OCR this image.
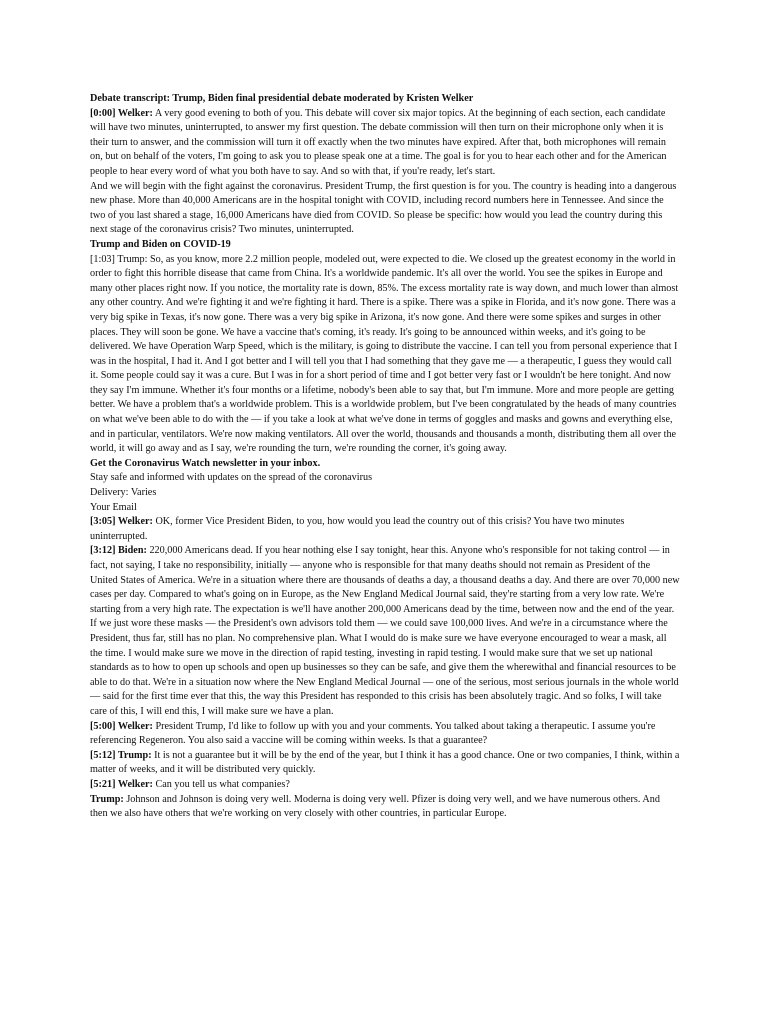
Debate transcript: Trump, Biden final presidential debate moderated by Kristen Welker

[0:00] Welker: A very good evening to both of you. This debate will cover six major topics. At the beginning of each section, each candidate will have two minutes, uninterrupted, to answer my first question. The debate commission will then turn on their microphone only when it is their turn to answer, and the commission will turn it off exactly when the two minutes have expired. After that, both microphones will remain on, but on behalf of the voters, I'm going to ask you to please speak one at a time. The goal is for you to hear each other and for the American people to hear every word of what you both have to say. And so with that, if you're ready, let's start.

And we will begin with the fight against the coronavirus. President Trump, the first question is for you. The country is heading into a dangerous new phase. More than 40,000 Americans are in the hospital tonight with COVID, including record numbers here in Tennessee. And since the two of you last shared a stage, 16,000 Americans have died from COVID. So please be specific: how would you lead the country during this next stage of the coronavirus crisis? Two minutes, uninterrupted.

Trump and Biden on COVID-19

[1:03] Trump: So, as you know, more 2.2 million people, modeled out, were expected to die. We closed up the greatest economy in the world in order to fight this horrible disease that came from China. It's a worldwide pandemic. It's all over the world. You see the spikes in Europe and many other places right now. If you notice, the mortality rate is down, 85%. The excess mortality rate is way down, and much lower than almost any other country. And we're fighting it and we're fighting it hard. There is a spike. There was a spike in Florida, and it's now gone. There was a very big spike in Texas, it's now gone. There was a very big spike in Arizona, it's now gone. And there were some spikes and surges in other places. They will soon be gone. We have a vaccine that's coming, it's ready. It's going to be announced within weeks, and it's going to be delivered. We have Operation Warp Speed, which is the military, is going to distribute the vaccine. I can tell you from personal experience that I was in the hospital, I had it. And I got better and I will tell you that I had something that they gave me — a therapeutic, I guess they would call it. Some people could say it was a cure. But I was in for a short period of time and I got better very fast or I wouldn't be here tonight. And now they say I'm immune. Whether it's four months or a lifetime, nobody's been able to say that, but I'm immune. More and more people are getting better. We have a problem that's a worldwide problem. This is a worldwide problem, but I've been congratulated by the heads of many countries on what we've been able to do with the — if you take a look at what we've done in terms of goggles and masks and gowns and everything else, and in particular, ventilators. We're now making ventilators. All over the world, thousands and thousands a month, distributing them all over the world, it will go away and as I say, we're rounding the turn, we're rounding the corner, it's going away.

Get the Coronavirus Watch newsletter in your inbox.

Stay safe and informed with updates on the spread of the coronavirus

Delivery: Varies

Your Email

[3:05] Welker: OK, former Vice President Biden, to you, how would you lead the country out of this crisis? You have two minutes uninterrupted.

[3:12] Biden: 220,000 Americans dead. If you hear nothing else I say tonight, hear this. Anyone who's responsible for not taking control — in fact, not saying, I take no responsibility, initially — anyone who is responsible for that many deaths should not remain as President of the United States of America. We're in a situation where there are thousands of deaths a day, a thousand deaths a day. And there are over 70,000 new cases per day. Compared to what's going on in Europe, as the New England Medical Journal said, they're starting from a very low rate. We're starting from a very high rate. The expectation is we'll have another 200,000 Americans dead by the time, between now and the end of the year. If we just wore these masks — the President's own advisors told them — we could save 100,000 lives. And we're in a circumstance where the President, thus far, still has no plan. No comprehensive plan. What I would do is make sure we have everyone encouraged to wear a mask, all the time. I would make sure we move in the direction of rapid testing, investing in rapid testing. I would make sure that we set up national standards as to how to open up schools and open up businesses so they can be safe, and give them the wherewithal and financial resources to be able to do that. We're in a situation now where the New England Medical Journal — one of the serious, most serious journals in the whole world — said for the first time ever that this, the way this President has responded to this crisis has been absolutely tragic. And so folks, I will take care of this, I will end this, I will make sure we have a plan.

[5:00] Welker: President Trump, I'd like to follow up with you and your comments. You talked about taking a therapeutic. I assume you're referencing Regeneron. You also said a vaccine will be coming within weeks. Is that a guarantee?

[5:12] Trump: It is not a guarantee but it will be by the end of the year, but I think it has a good chance. One or two companies, I think, within a matter of weeks, and it will be distributed very quickly.

[5:21] Welker: Can you tell us what companies?

Trump: Johnson and Johnson is doing very well. Moderna is doing very well. Pfizer is doing very well, and we have numerous others. And then we also have others that we're working on very closely with other countries, in particular Europe.
